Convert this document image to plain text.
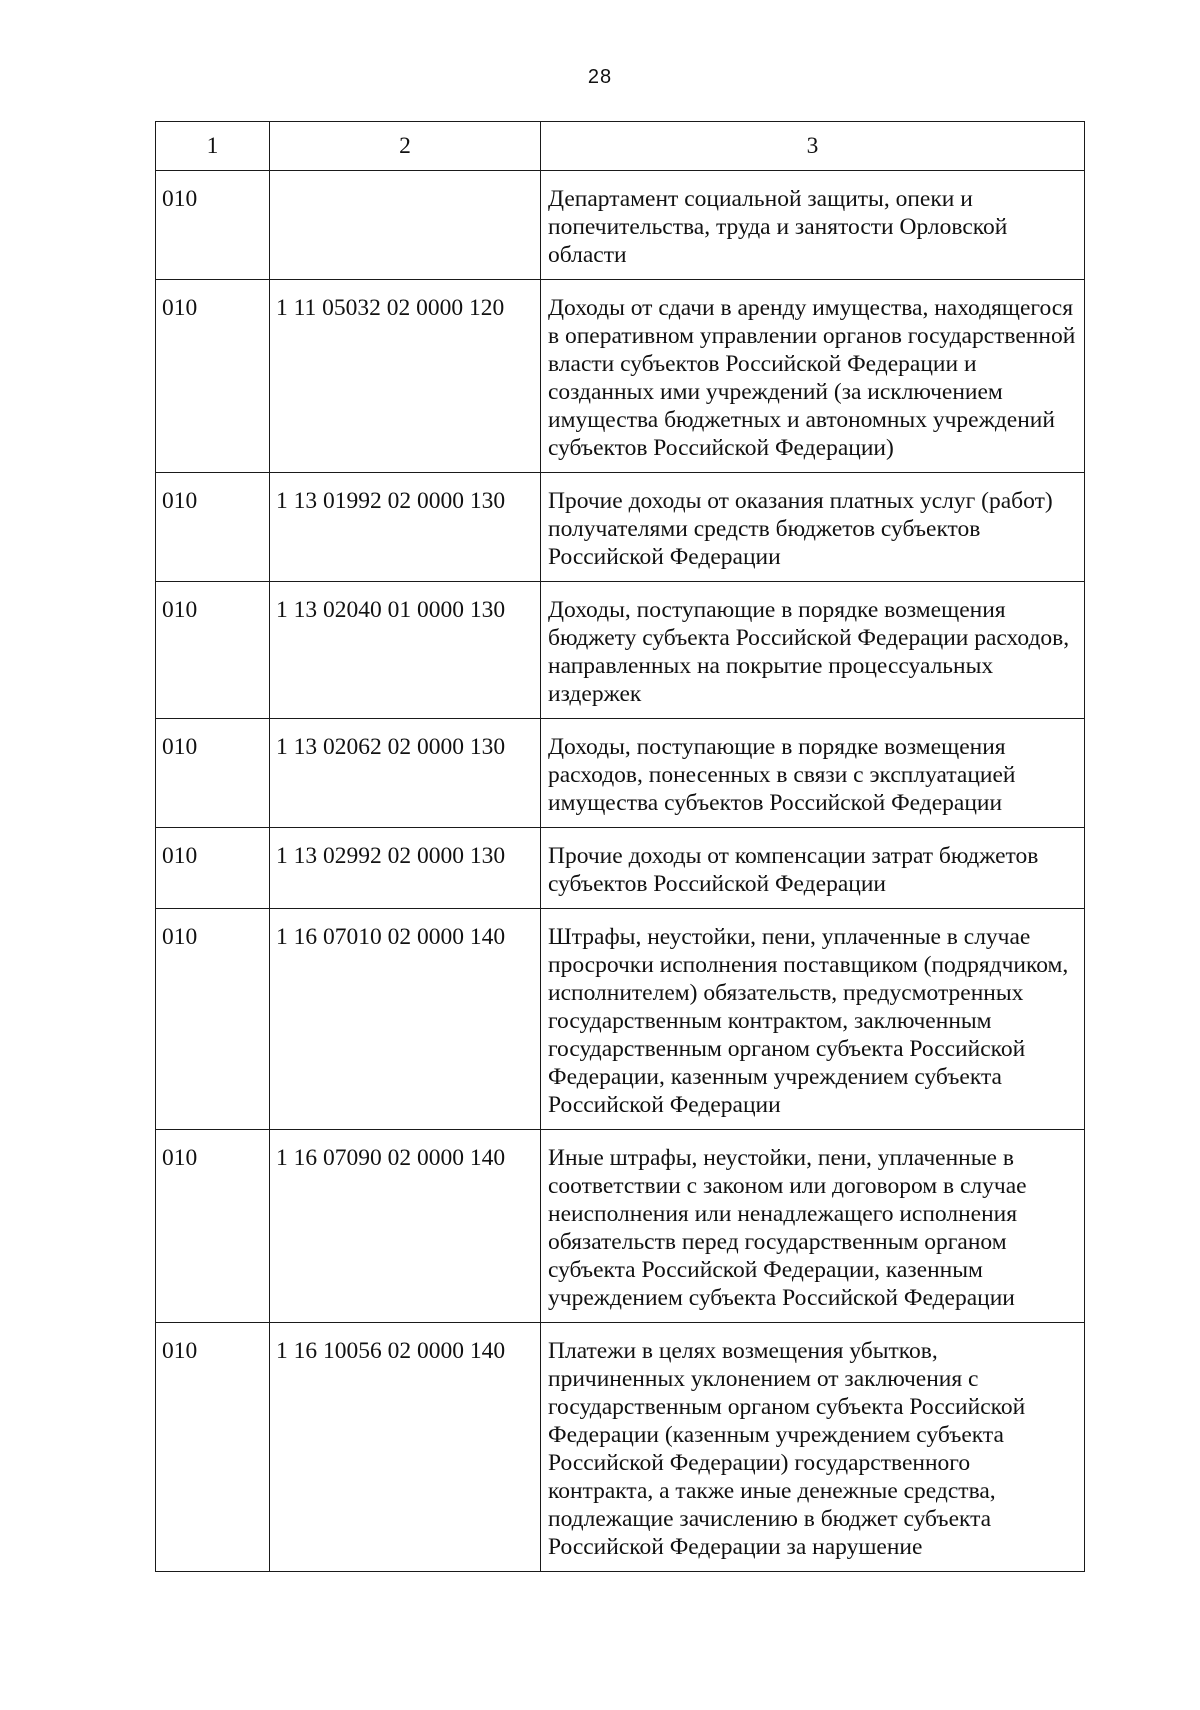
28
1	2	3
010		Департамент социальной защиты, опеки и попечительства, труда и занятости Орловской области
010	1 11 05032 02 0000 120	Доходы от сдачи в аренду имущества, находящегося в оперативном управлении органов государственной власти субъектов Российской Федерации и созданных ими учреждений (за исключением имущества бюджетных и автономных учреждений субъектов Российской Федерации)
010	1 13 01992 02 0000 130	Прочие доходы от оказания платных услуг (работ) получателями средств бюджетов субъектов Российской Федерации
010	1 13 02040 01 0000 130	Доходы, поступающие в порядке возмещения бюджету субъекта Российской Федерации расходов, направленных на покрытие процессуальных издержек
010	1 13 02062 02 0000 130	Доходы, поступающие в порядке возмещения расходов, понесенных в связи с эксплуатацией имущества субъектов Российской Федерации
010	1 13 02992 02 0000 130	Прочие доходы от компенсации затрат бюджетов субъектов Российской Федерации
010	1 16 07010 02 0000 140	Штрафы, неустойки, пени, уплаченные в случае просрочки исполнения поставщиком (подрядчиком, исполнителем) обязательств, предусмотренных государственным контрактом, заключенным государственным органом субъекта Российской Федерации, казенным учреждением субъекта Российской Федерации
010	1 16 07090 02 0000 140	Иные штрафы, неустойки, пени, уплаченные в соответствии с законом или договором в случае неисполнения или ненадлежащего исполнения обязательств перед государственным органом субъекта Российской Федерации, казенным учреждением субъекта Российской Федерации
010	1 16 10056 02 0000 140	Платежи в целях возмещения убытков, причиненных уклонением от заключения с государственным органом субъекта Российской Федерации (казенным учреждением субъекта Российской Федерации) государственного контракта, а также иные денежные средства, подлежащие зачислению в бюджет субъекта Российской Федерации за нарушение
